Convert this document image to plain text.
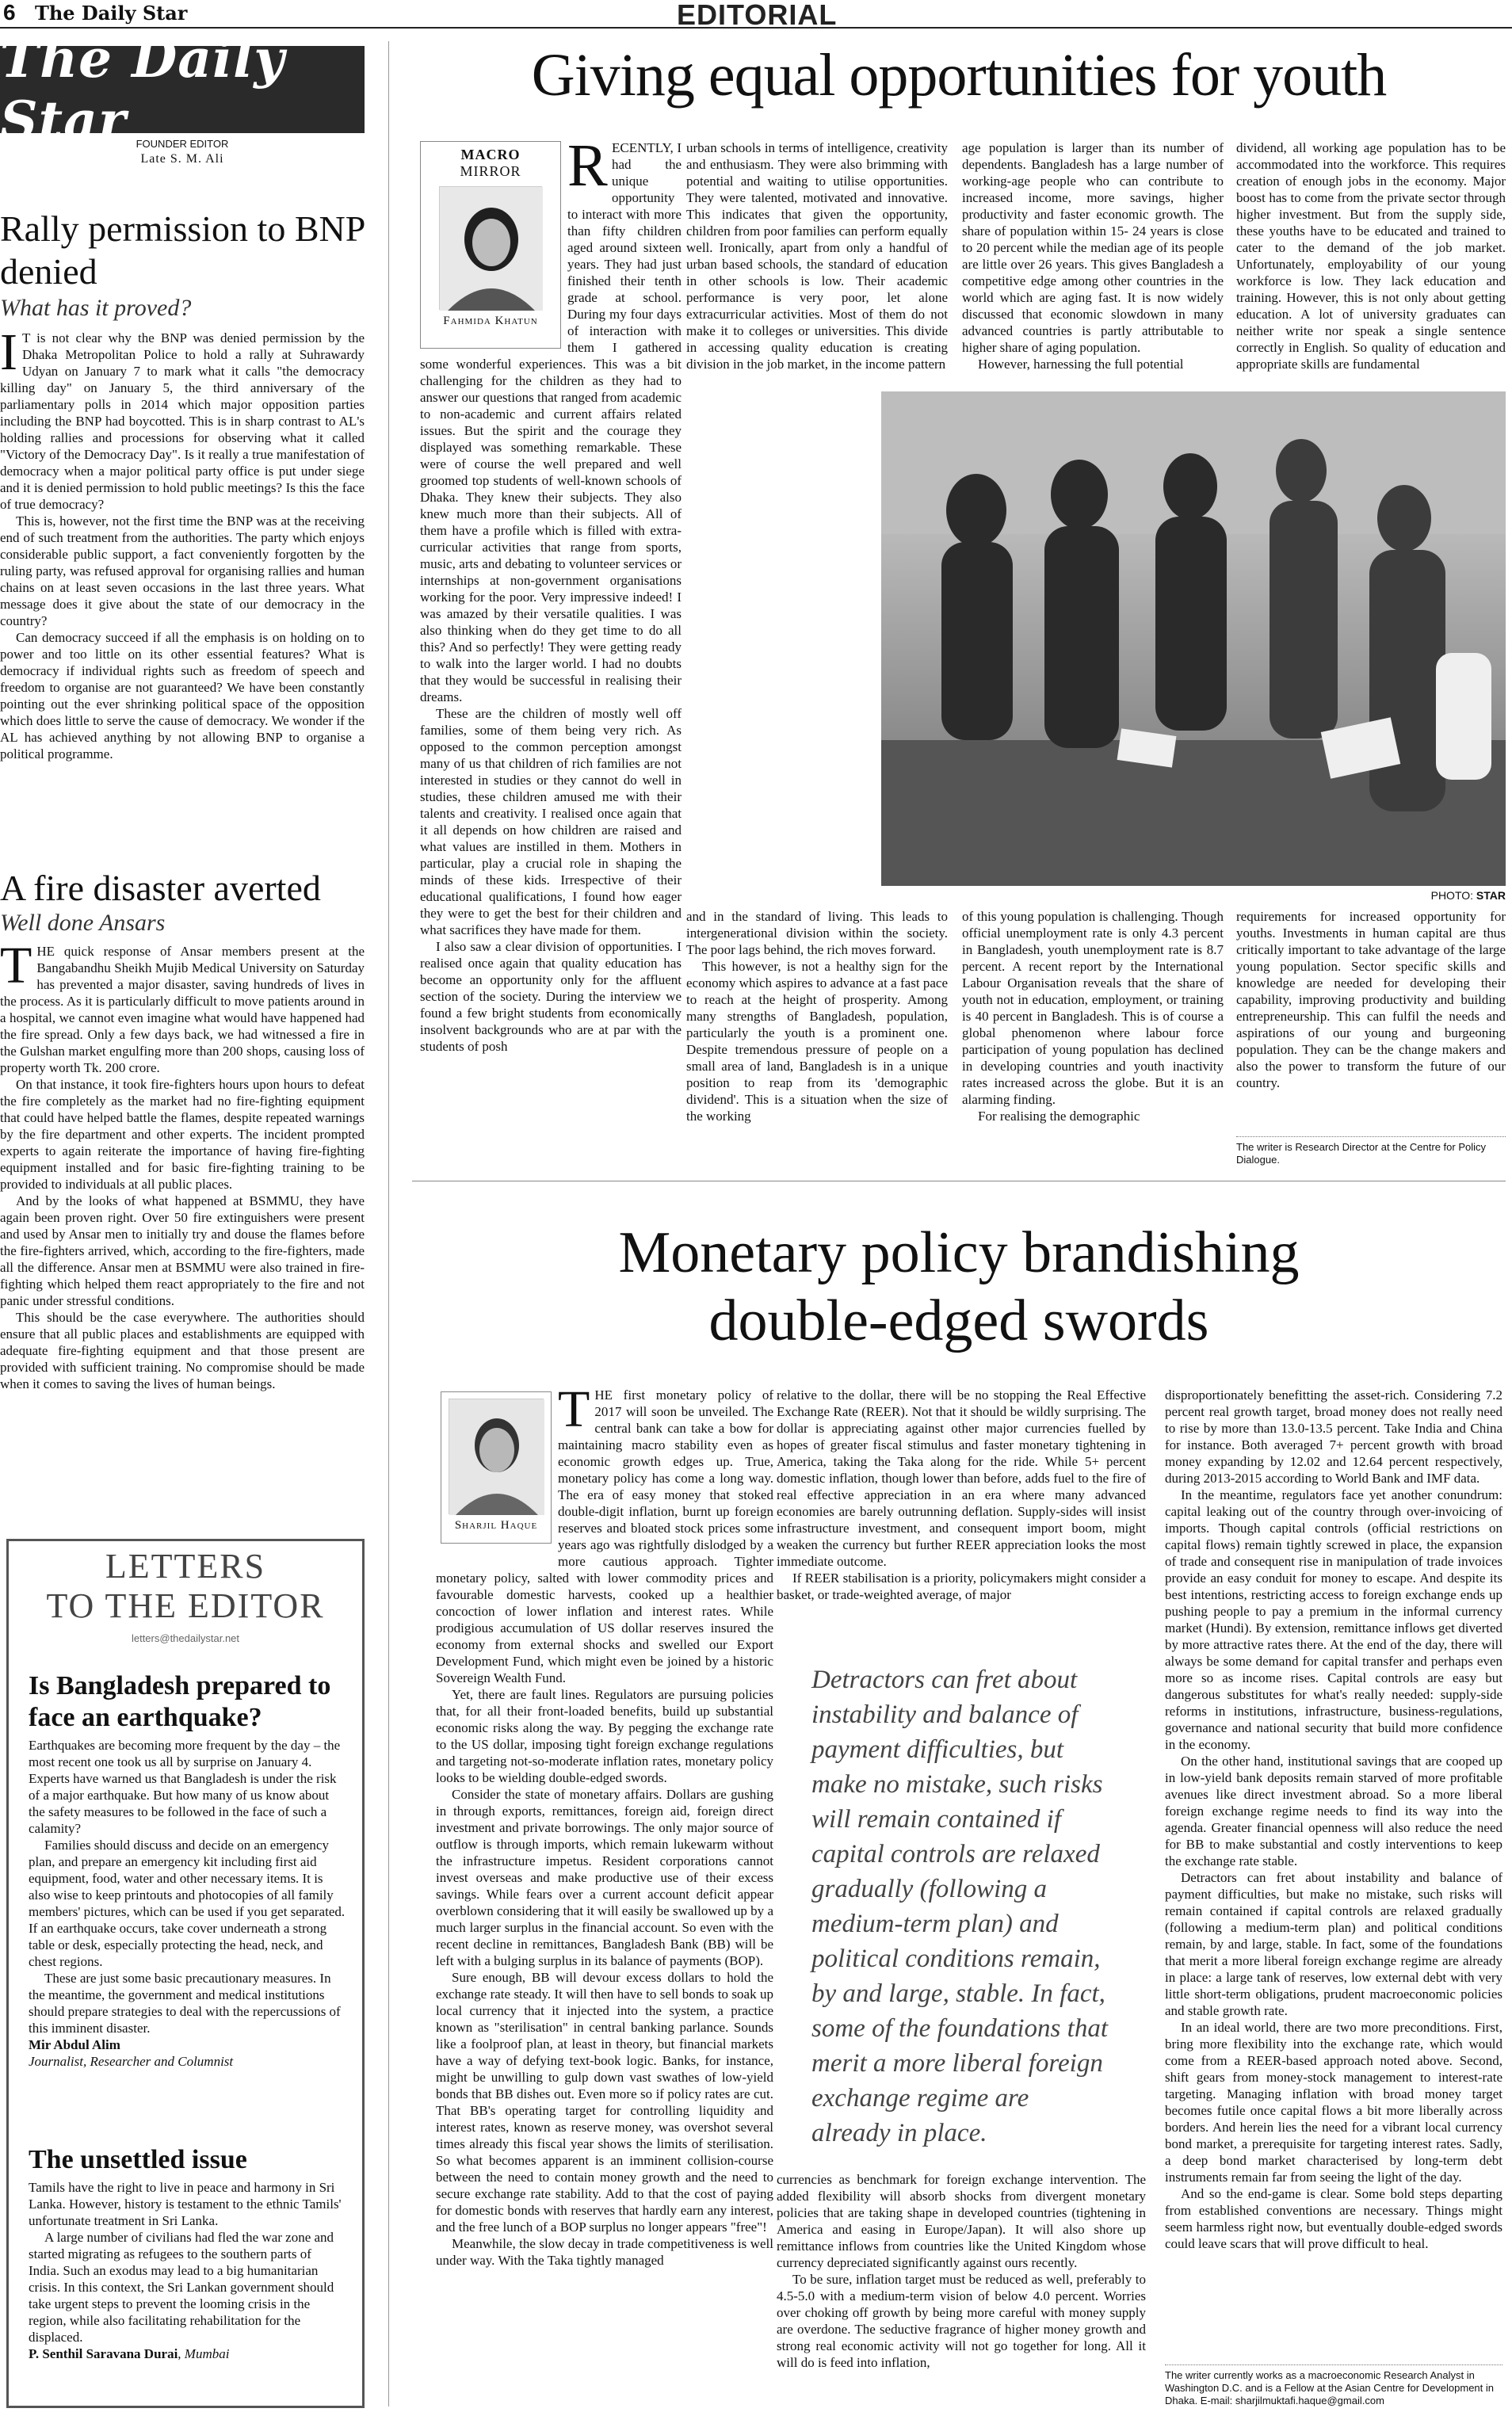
6 The Daily Star	EDITORIAL
The Daily Star FOUNDER EDITOR
Late S. M. Ali
Rally permission to BNP denied
What has it proved?

I T is not clear why the BNP was denied permission by the Dhaka Metropolitan Police to hold a rally at Suhrawardy Udyan on January 7 to mark what it calls "the democracy killing day" on January 5, the third anniversary of the parliamentary polls in 2014 which major opposition parties including the BNP had boycotted. This is in sharp contrast to AL's holding rallies and processions for observing what it called "Victory of the Democracy Day". Is it really a true manifestation of democracy when a major political party office is put under siege and it is denied permission to hold public meetings? Is this the face of true democracy?

This is, however, not the first time the BNP was at the receiving end of such treatment from the authorities. The party which enjoys considerable public support, a fact conveniently forgotten by the ruling party, was refused approval for organising rallies and human chains on at least seven occasions in the last three years. What message does it give about the state of our democracy in the country?

Can democracy succeed if all the emphasis is on holding on to power and too little on its other essential features? What is democracy if individual rights such as freedom of speech and freedom to organise are not guaranteed? We have been constantly pointing out the ever shrinking political space of the opposition which does little to serve the cause of democracy. We wonder if the AL has achieved anything by not allowing BNP to organise a political programme.

A fire disaster averted
Well done Ansars

THE quick response of Ansar members present at the Bangabandhu Sheikh Mujib Medical University on Saturday has prevented a major disaster, saving hundreds of lives in the process. As it is particularly difficult to move patients around in a hospital, we cannot even imagine what would have happened had the fire spread. Only a few days back, we had witnessed a fire in the Gulshan market engulfing more than 200 shops, causing loss of property worth Tk. 200 crore.

On that instance, it took fire-fighters hours upon hours to defeat the fire completely as the market had no fire-fighting equipment that could have helped battle the flames, despite repeated warnings by the fire department and other experts. The incident prompted experts to again reiterate the importance of having fire-fighting equipment installed and for basic fire-fighting training to be provided to individuals at all public places.

And by the looks of what happened at BSMMU, they have again been proven right. Over 50 fire extinguishers were present and used by Ansar men to initially try and douse the flames before the fire-fighters arrived, which, according to the fire-fighters, made all the difference. Ansar men at BSMMU were also trained in fire-fighting which helped them react appropriately to the fire and not panic under stressful conditions.

This should be the case everywhere. The authorities should ensure that all public places and establishments are equipped with adequate fire-fighting equipment and that those present are provided with sufficient training. No compromise should be made when it comes to saving the lives of human beings.

LETTERS
TO THE EDITOR
letters@thedailystar.net
Is Bangladesh prepared to face an earthquake?

Earthquakes are becoming more frequent by the day – the most recent one took us all by surprise on January 4. Experts have warned us that Bangladesh is under the risk of a major earthquake. But how many of us know about the safety measures to be followed in the face of such a calamity?

Families should discuss and decide on an emergency plan, and prepare an emergency kit including first aid equipment, food, water and other necessary items. It is also wise to keep printouts and photocopies of all family members' pictures, which can be used if you get separated. If an earthquake occurs, take cover underneath a strong table or desk, especially protecting the head, neck, and chest regions.

These are just some basic precautionary measures. In the meantime, the government and medical institutions should prepare strategies to deal with the repercussions of this imminent disaster.

Mir Abdul Alim

Journalist, Researcher and Columnist

The unsettled issue

Tamils have the right to live in peace and harmony in Sri Lanka. However, history is testament to the ethnic Tamils' unfortunate treatment in Sri Lanka.

A large number of civilians had fled the war zone and started migrating as refugees to the southern parts of India. Such an exodus may lead to a big humanitarian crisis. In this context, the Sri Lankan government should take urgent steps to prevent the looming crisis in the region, while also facilitating rehabilitation for the displaced.

P. Senthil Saravana Durai, Mumbai

Giving equal opportunities for youth
MACRO
MIRROR
Fahmida Khatun
R ECENTLY, I had the unique opportunity to interact with more than fifty children aged around sixteen years. They had just finished their tenth grade at school. During my four days of interaction with them I gathered some wonderful experiences. This was a bit challenging for the children as they had to answer our questions that ranged from academic to non-academic and current affairs related issues. But the spirit and the courage they displayed was something remarkable. These were of course the well prepared and well groomed top students of well-known schools of Dhaka. They knew their subjects. They also knew much more than their subjects. All of them have a profile which is filled with extra-curricular activities that range from sports, music, arts and debating to volunteer services or internships at non-government organisations working for the poor. Very impressive indeed! I was amazed by their versatile qualities. I was also thinking when do they get time to do all this? And so perfectly! They were getting ready to walk into the larger world. I had no doubts that they would be successful in realising their dreams.

These are the children of mostly well off families, some of them being very rich. As opposed to the common perception amongst many of us that children of rich families are not interested in studies or they cannot do well in studies, these children amused me with their talents and creativity. I realised once again that it all depends on how children are raised and what values are instilled in them. Mothers in particular, play a crucial role in shaping the minds of these kids. Irrespective of their educational qualifications, I found how eager they were to get the best for their children and what sacrifices they have made for them.

I also saw a clear division of opportunities. I realised once again that quality education has become an opportunity only for the affluent section of the society. During the interview we found a few bright students from economically insolvent backgrounds who are at par with the students of posh

urban schools in terms of intelligence, creativity and enthusiasm. They were also brimming with potential and waiting to utilise opportunities. They were talented, motivated and innovative. This indicates that given the opportunity, children from poor families can perform equally well. Ironically, apart from only a handful of urban based schools, the standard of education in other schools is low. Their academic performance is very poor, let alone extracurricular activities. Most of them do not make it to colleges or universities. This divide in accessing quality education is creating division in the job market, in the income pattern

age population is larger than its number of dependents. Bangladesh has a large number of working-age people who can contribute to increased income, more savings, higher productivity and faster economic growth. The share of population within 15- 24 years is close to 20 percent while the median age of its people are little over 26 years. This gives Bangladesh a competitive edge among other countries in the world which are aging fast. It is now widely discussed that economic slowdown in many advanced countries is partly attributable to higher share of aging population.

However, harnessing the full potential

dividend, all working age population has to be accommodated into the workforce. This requires creation of enough jobs in the economy. Major boost has to come from the private sector through higher investment. But from the supply side, these youths have to be educated and trained to cater to the demand of the job market. Unfortunately, employability of our young workforce is low. They lack education and training. However, this is not only about getting education. A lot of university graduates can neither write nor speak a single sentence correctly in English. So quality of education and appropriate skills are fundamental

PHOTO: STAR

and in the standard of living. This leads to intergenerational division within the society. The poor lags behind, the rich moves forward.

This however, is not a healthy sign for the economy which aspires to advance at a fast pace to reach at the height of prosperity. Among many strengths of Bangladesh, population, particularly the youth is a prominent one. Despite tremendous pressure of people on a small area of land, Bangladesh is in a unique position to reap from its 'demographic dividend'. This is a situation when the size of the working

of this young population is challenging. Though official unemployment rate is only 4.3 percent in Bangladesh, youth unemployment rate is 8.7 percent. A recent report by the International Labour Organisation reveals that the share of youth not in education, employment, or training is 40 percent in Bangladesh. This is of course a global phenomenon where labour force participation of young population has declined in developing countries and youth inactivity rates increased across the globe. But it is an alarming finding.

For realising the demographic

requirements for increased opportunity for youths. Investments in human capital are thus critically important to take advantage of the large young population. Sector specific skills and knowledge are needed for developing their capability, improving productivity and building entrepreneurship. This can fulfil the needs and aspirations of our young and burgeoning population. They can be the change makers and also the power to transform the future of our country.

The writer is Research Director at the Centre for Policy Dialogue.
Monetary policy brandishing
double-edged swords
Sharjil Haque
T HE first monetary policy of 2017 will soon be unveiled. The central bank can take a bow for maintaining macro stability even as economic growth edges up. True, monetary policy has come a long way. The era of easy money that stoked double-digit inflation, burnt up foreign reserves and bloated stock prices some years ago was rightfully dislodged by a more cautious approach. Tighter monetary policy, salted with lower commodity prices and favourable domestic harvests, cooked up a healthier concoction of lower inflation and interest rates. While prodigious accumulation of US dollar reserves insured the economy from external shocks and swelled our Export Development Fund, which might even be joined by a historic Sovereign Wealth Fund.

Yet, there are fault lines. Regulators are pursuing policies that, for all their front-loaded benefits, build up substantial economic risks along the way. By pegging the exchange rate to the US dollar, imposing tight foreign exchange regulations and targeting not-so-moderate inflation rates, monetary policy looks to be wielding double-edged swords.

Consider the state of monetary affairs. Dollars are gushing in through exports, remittances, foreign aid, foreign direct investment and private borrowings. The only major source of outflow is through imports, which remain lukewarm without the infrastructure impetus. Resident corporations cannot invest overseas and make productive use of their excess savings. While fears over a current account deficit appear overblown considering that it will easily be swallowed up by a much larger surplus in the financial account. So even with the recent decline in remittances, Bangladesh Bank (BB) will be left with a bulging surplus in its balance of payments (BOP).

Sure enough, BB will devour excess dollars to hold the exchange rate steady. It will then have to sell bonds to soak up local currency that it injected into the system, a practice known as "sterilisation" in central banking parlance. Sounds like a foolproof plan, at least in theory, but financial markets have a way of defying text-book logic. Banks, for instance, might be unwilling to gulp down vast swathes of low-yield bonds that BB dishes out. Even more so if policy rates are cut. That BB's operating target for controlling liquidity and interest rates, known as reserve money, was overshot several times already this fiscal year shows the limits of sterilisation. So what becomes apparent is an imminent collision-course between the need to contain money growth and the need to secure exchange rate stability. Add to that the cost of paying for domestic bonds with reserves that hardly earn any interest, and the free lunch of a BOP surplus no longer appears "free"!

Meanwhile, the slow decay in trade competitiveness is well under way. With the Taka tightly managed

relative to the dollar, there will be no stopping the Real Effective Exchange Rate (REER). Not that it should be wildly surprising. The dollar is appreciating against other major currencies fuelled by hopes of greater fiscal stimulus and faster monetary tightening in America, taking the Taka along for the ride. While 5+ percent domestic inflation, though lower than before, adds fuel to the fire of real effective appreciation in an era where many advanced economies are barely outrunning deflation. Supply-sides will insist infrastructure investment, and consequent import boom, might weaken the currency but further REER appreciation looks the most immediate outcome.

If REER stabilisation is a priority, policymakers might consider a basket, or trade-weighted average, of major

Detractors can fret about instability and balance of payment difficulties, but make no mistake, such risks will remain contained if capital controls are relaxed gradually (following a medium-term plan) and political conditions remain, by and large, stable. In fact, some of the foundations that merit a more liberal foreign exchange regime are already in place.

currencies as benchmark for foreign exchange intervention. The added flexibility will absorb shocks from divergent monetary policies that are taking shape in developed countries (tightening in America and easing in Europe/Japan). It will also shore up remittance inflows from countries like the United Kingdom whose currency depreciated significantly against ours recently.

To be sure, inflation target must be reduced as well, preferably to 4.5-5.0 with a medium-term vision of below 4.0 percent. Worries over choking off growth by being more careful with money supply are overdone. The seductive fragrance of higher money growth and strong real economic activity will not go together for long. All it will do is feed into inflation,

disproportionately benefitting the asset-rich. Considering 7.2 percent real growth target, broad money does not really need to rise by more than 13.0-13.5 percent. Take India and China for instance. Both averaged 7+ percent growth with broad money expanding by 12.02 and 12.64 percent respectively, during 2013-2015 according to World Bank and IMF data.

In the meantime, regulators face yet another conundrum: capital leaking out of the country through over-invoicing of imports. Though capital controls (official restrictions on capital flows) remain tightly screwed in place, the expansion of trade and consequent rise in manipulation of trade invoices provide an easy conduit for money to escape. And despite its best intentions, restricting access to foreign exchange ends up pushing people to pay a premium in the informal currency market (Hundi). By extension, remittance inflows get diverted by more attractive rates there. At the end of the day, there will always be some demand for capital transfer and perhaps even more so as income rises. Capital controls are easy but dangerous substitutes for what's really needed: supply-side reforms in institutions, infrastructure, business-regulations, governance and national security that build more confidence in the economy.

On the other hand, institutional savings that are cooped up in low-yield bank deposits remain starved of more profitable avenues like direct investment abroad. So a more liberal foreign exchange regime needs to find its way into the agenda. Greater financial openness will also reduce the need for BB to make substantial and costly interventions to keep the exchange rate stable.

Detractors can fret about instability and balance of payment difficulties, but make no mistake, such risks will remain contained if capital controls are relaxed gradually (following a medium-term plan) and political conditions remain, by and large, stable. In fact, some of the foundations that merit a more liberal foreign exchange regime are already in place: a large tank of reserves, low external debt with very little short-term obligations, prudent macroeconomic policies and stable growth rate.

In an ideal world, there are two more preconditions. First, bring more flexibility into the exchange rate, which would come from a REER-based approach noted above. Second, shift gears from money-stock management to interest-rate targeting. Managing inflation with broad money target becomes futile once capital flows a bit more liberally across borders. And herein lies the need for a vibrant local currency bond market, a prerequisite for targeting interest rates. Sadly, a deep bond market characterised by long-term debt instruments remain far from seeing the light of the day.

And so the end-game is clear. Some bold steps departing from established conventions are necessary. Things might seem harmless right now, but eventually double-edged swords could leave scars that will prove difficult to heal.

The writer currently works as a macroeconomic Research Analyst in Washington D.C. and is a Fellow at the Asian Centre for Development in Dhaka. E-mail: sharjilmuktafi.haque@gmail.com
